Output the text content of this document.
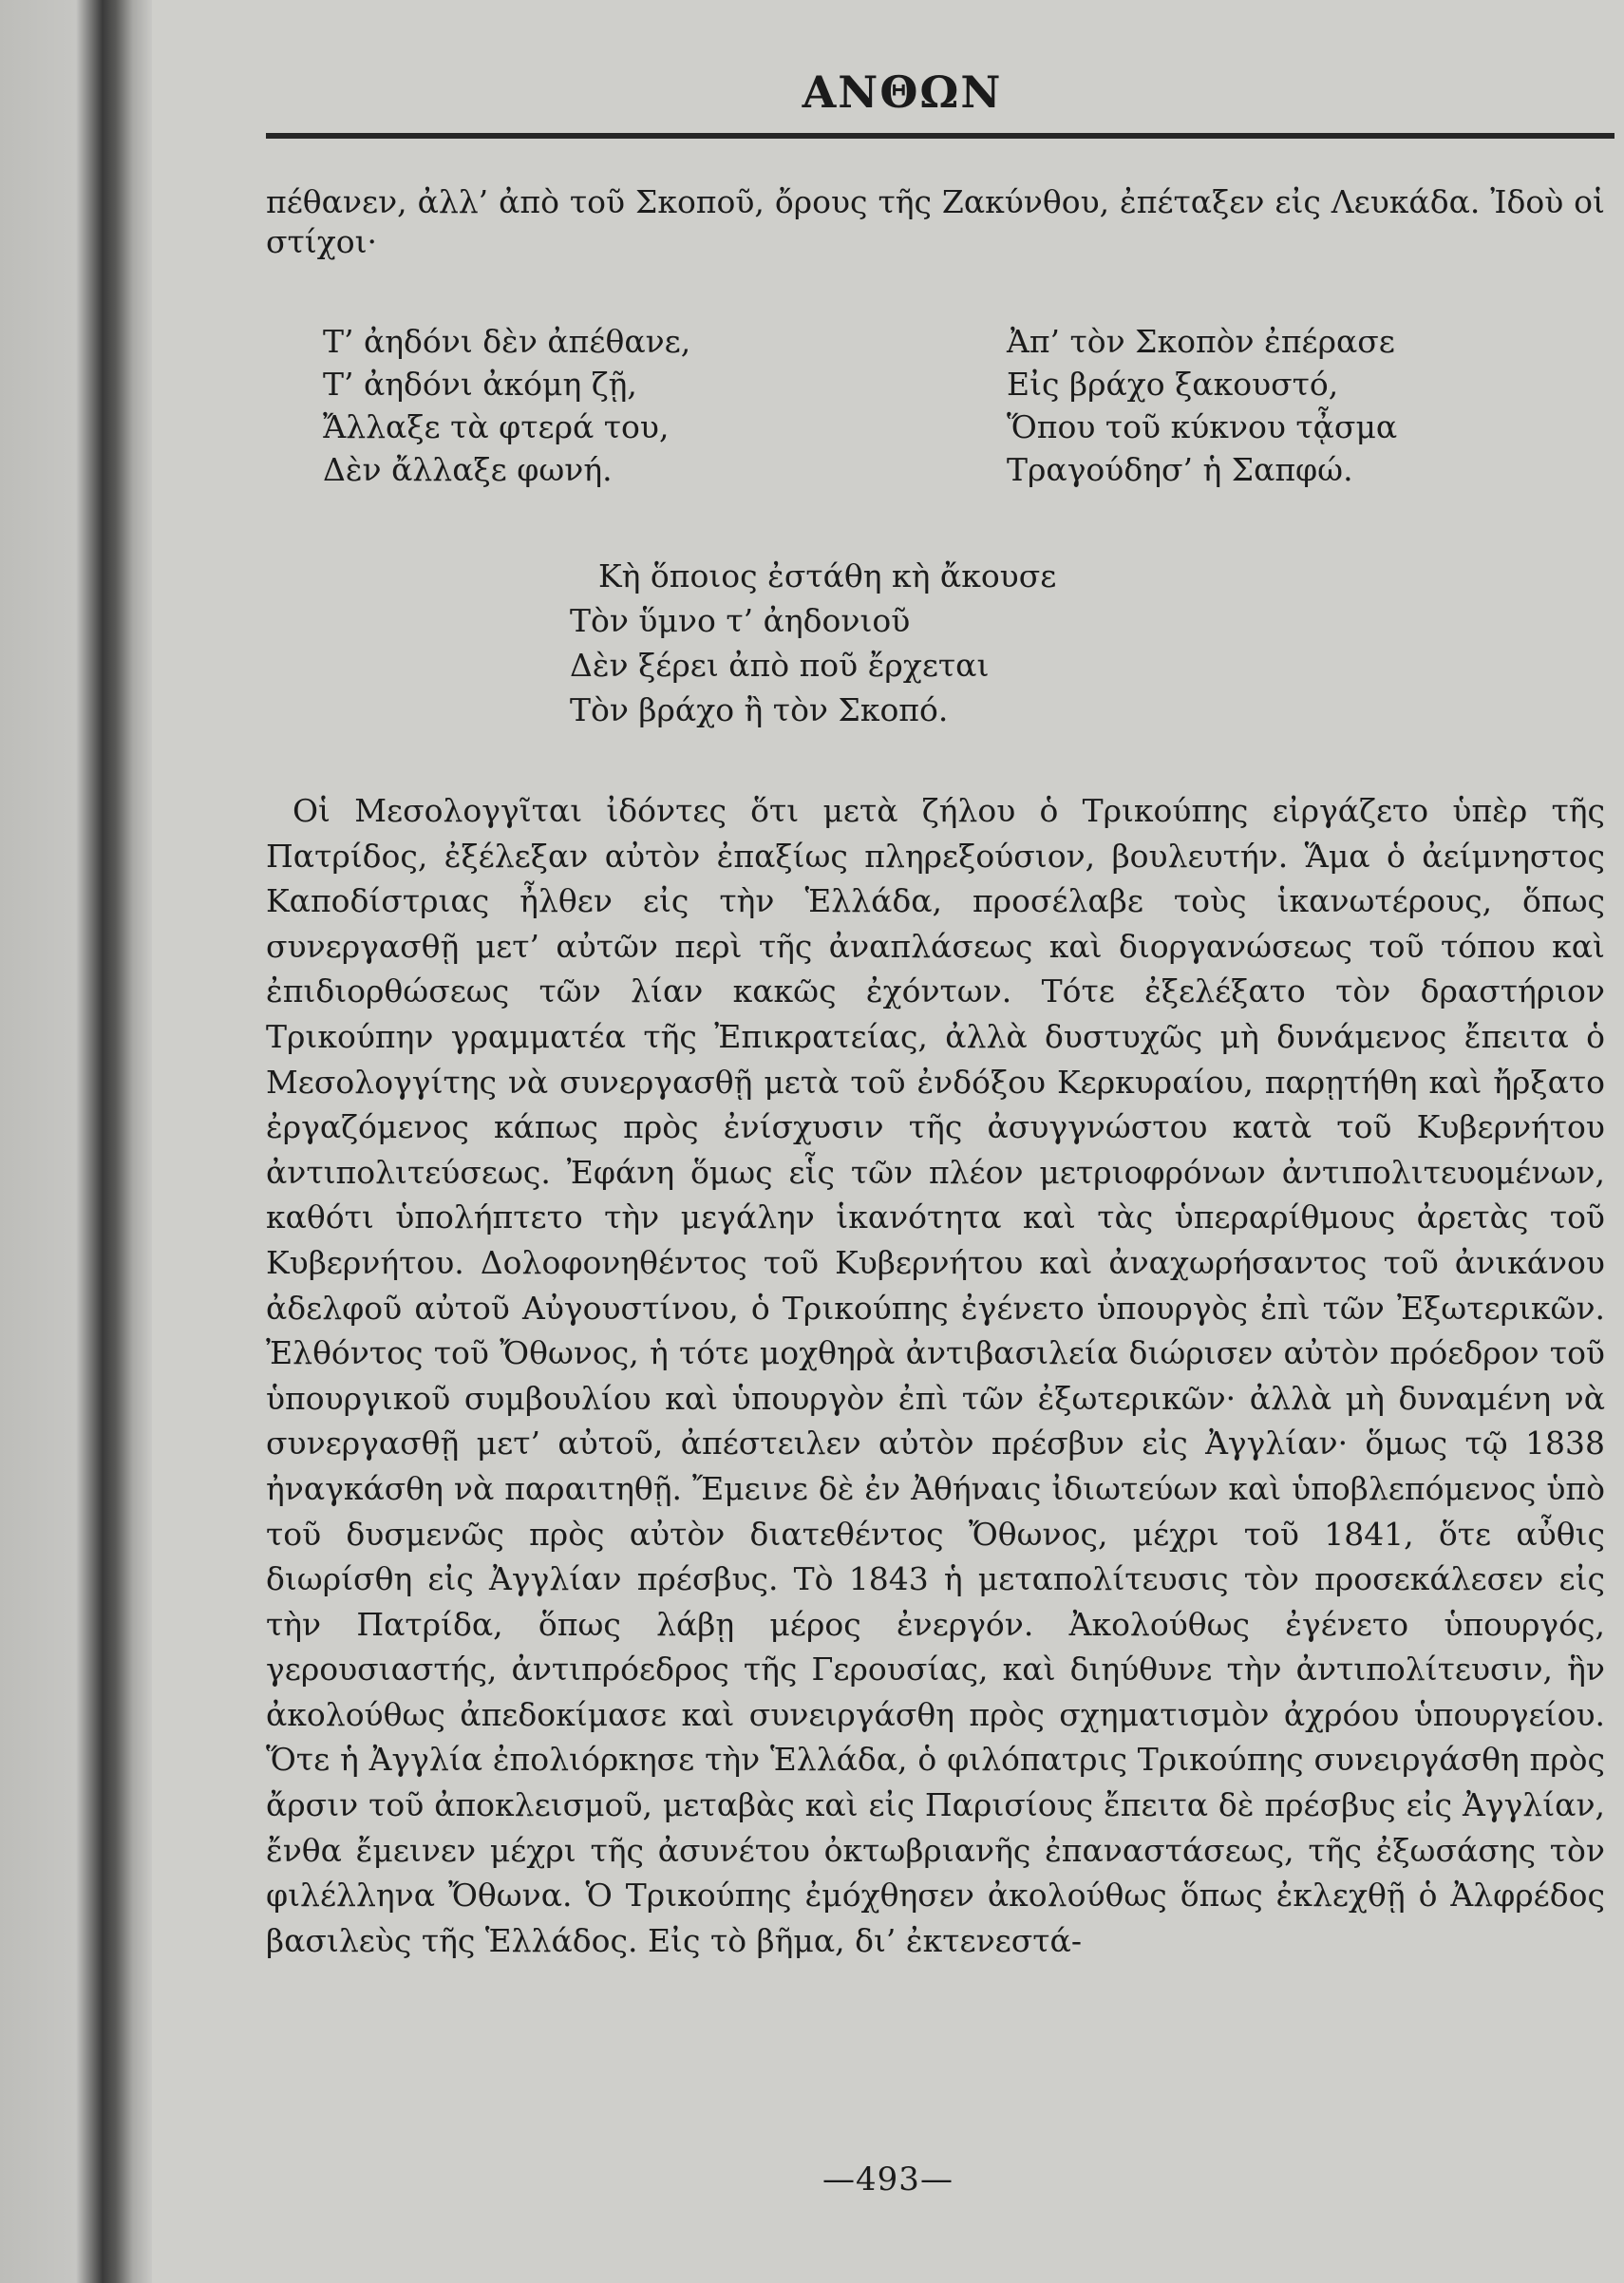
ΑΝΘΩΝ
πέθανεν, ἀλλ’ ἀπὸ τοῦ Σκοποῦ, ὄρους τῆς Ζακύνθου, ἐπέταξεν εἰς Λευκάδα. Ἰδοὺ οἱ στίχοι·
Τ’ ἀηδόνι δὲν ἀπέθανε,
Τ’ ἀηδόνι ἀκόμη ζῇ,
Ἄλλαξε τὰ φτερά του,
Δὲν ἄλλαξε φωνή.
Ἀπ’ τὸν Σκοπὸν ἐπέρασε
Εἰς βράχο ξακουστό,
Ὅπου τοῦ κύκνου τᾆσμα
Τραγούδησ’ ἡ Σαπφώ.
Κὴ ὅποιος ἐστάθη κὴ ἄκουσε
Τὸν ὕμνο τ’ ἀηδονιοῦ
Δὲν ξέρει ἀπὸ ποῦ ἔρχεται
Τὸν βράχο ἢ τὸν Σκοπό.
Οἱ Μεσολογγῖται ἰδόντες ὅτι μετὰ ζήλου ὁ Τρικούπης εἰργάζετο ὑπὲρ τῆς Πατρίδος, ἐξέλεξαν αὐτὸν ἐπαξίως πληρεξούσιον, βουλευτήν. Ἅμα ὁ ἀείμνηστος Καποδίστριας ἦλθεν εἰς τὴν Ἑλλάδα, προσέλαβε τοὺς ἱκανωτέρους, ὅπως συνεργασθῇ μετ’ αὐτῶν περὶ τῆς ἀναπλάσεως καὶ διοργανώσεως τοῦ τόπου καὶ ἐπιδιορθώσεως τῶν λίαν κακῶς ἐχόντων. Τότε ἐξελέξατο τὸν δραστήριον Τρικούπην γραμματέα τῆς Ἐπικρατείας, ἀλλὰ δυστυχῶς μὴ δυνάμενος ἔπειτα ὁ Μεσολογγίτης νὰ συνεργασθῇ μετὰ τοῦ ἐνδόξου Κερκυραίου, παρῃτήθη καὶ ἤρξατο ἐργαζόμενος κάπως πρὸς ἐνίσχυσιν τῆς ἀσυγγνώστου κατὰ τοῦ Κυβερνήτου ἀντιπολιτεύσεως. Ἐφάνη ὅμως εἷς τῶν πλέον μετριοφρόνων ἀντιπολιτευομένων, καθότι ὑπολήπτετο τὴν μεγάλην ἱκανότητα καὶ τὰς ὑπεραρίθμους ἀρετὰς τοῦ Κυβερνήτου. Δολοφονηθέντος τοῦ Κυβερνήτου καὶ ἀναχωρήσαντος τοῦ ἀνικάνου ἀδελφοῦ αὐτοῦ Αὐγουστίνου, ὁ Τρικούπης ἐγένετο ὑπουργὸς ἐπὶ τῶν Ἐξωτερικῶν. Ἐλθόντος τοῦ Ὄθωνος, ἡ τότε μοχθηρὰ ἀντιβασιλεία διώρισεν αὐτὸν πρόεδρον τοῦ ὑπουργικοῦ συμβουλίου καὶ ὑπουργὸν ἐπὶ τῶν ἐξωτερικῶν· ἀλλὰ μὴ δυναμένη νὰ συνεργασθῇ μετ’ αὐτοῦ, ἀπέστειλεν αὐτὸν πρέσβυν εἰς Ἀγγλίαν· ὅμως τῷ 1838 ἠναγκάσθη νὰ παραιτηθῇ. Ἔμεινε δὲ ἐν Ἀθήναις ἰδιωτεύων καὶ ὑποβλεπόμενος ὑπὸ τοῦ δυσμενῶς πρὸς αὐτὸν διατεθέντος Ὄθωνος, μέχρι τοῦ 1841, ὅτε αὖθις διωρίσθη εἰς Ἀγγλίαν πρέσβυς. Τὸ 1843 ἡ μεταπολίτευσις τὸν προσεκάλεσεν εἰς τὴν Πατρίδα, ὅπως λάβῃ μέρος ἐνεργόν. Ἀκολούθως ἐγένετο ὑπουργός, γερουσιαστής, ἀντιπρόεδρος τῆς Γερουσίας, καὶ διηύθυνε τὴν ἀντιπολίτευσιν, ἣν ἀκολούθως ἀπεδοκίμασε καὶ συνειργάσθη πρὸς σχηματισμὸν ἀχρόου ὑπουργείου. Ὅτε ἡ Ἀγγλία ἐπολιόρκησε τὴν Ἑλλάδα, ὁ φιλόπατρις Τρικούπης συνειργάσθη πρὸς ἄρσιν τοῦ ἀποκλεισμοῦ, μεταβὰς καὶ εἰς Παρισίους ἔπειτα δὲ πρέσβυς εἰς Ἀγγλίαν, ἔνθα ἔμεινεν μέχρι τῆς ἀσυνέτου ὀκτωβριανῆς ἐπαναστάσεως, τῆς ἐξωσάσης τὸν φιλέλληνα Ὄθωνα. Ὁ Τρικούπης ἐμόχθησεν ἀκολούθως ὅπως ἐκλεχθῇ ὁ Ἀλφρέδος βασιλεὺς τῆς Ἑλλάδος. Εἰς τὸ βῆμα, δι’ ἐκτενεστά-
—493—
